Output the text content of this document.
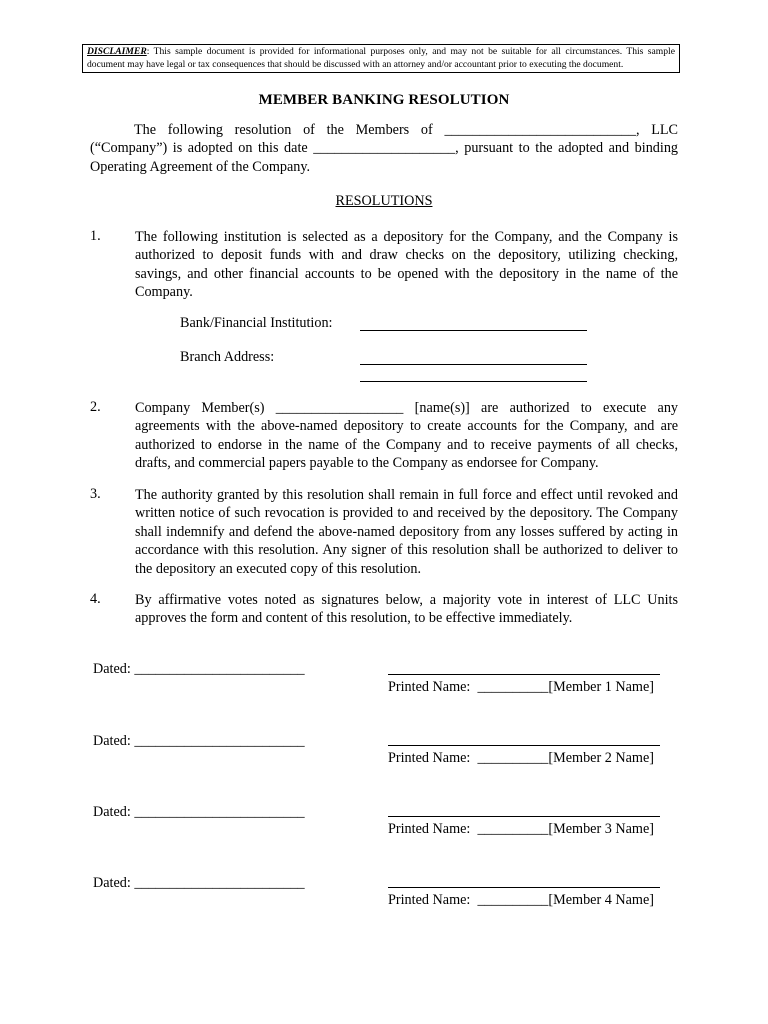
DISCLAIMER: This sample document is provided for informational purposes only, and may not be suitable for all circumstances. This sample document may have legal or tax consequences that should be discussed with an attorney and/or accountant prior to executing the document.
MEMBER BANKING RESOLUTION
The following resolution of the Members of ___________________________, LLC
(“Company”) is adopted on this date ____________________, pursuant to the adopted and binding
Operating Agreement of the Company.
RESOLUTIONS
1. The following institution is selected as a depository for the Company, and the Company is authorized to deposit funds with and draw checks on the depository, utilizing checking, savings, and other financial accounts to be opened with the depository in the name of the Company.
Bank/Financial Institution:
Branch Address:
2. Company Member(s) __________________ [name(s)] are authorized to execute any agreements with the above-named depository to create accounts for the Company, and are authorized to endorse in the name of the Company and to receive payments of all checks, drafts, and commercial papers payable to the Company as endorsee for Company.
3. The authority granted by this resolution shall remain in full force and effect until revoked and written notice of such revocation is provided to and received by the depository. The Company shall indemnify and defend the above-named depository from any losses suffered by acting in accordance with this resolution. Any signer of this resolution shall be authorized to deliver to the depository an executed copy of this resolution.
4. By affirmative votes noted as signatures below, a majority vote in interest of LLC Units approves the form and content of this resolution, to be effective immediately.
Dated: ________________________
Printed Name: __________[Member 1 Name]
Dated: ________________________
Printed Name: __________[Member 2 Name]
Dated: ________________________
Printed Name: __________[Member 3 Name]
Dated: ________________________
Printed Name: __________[Member 4 Name]
